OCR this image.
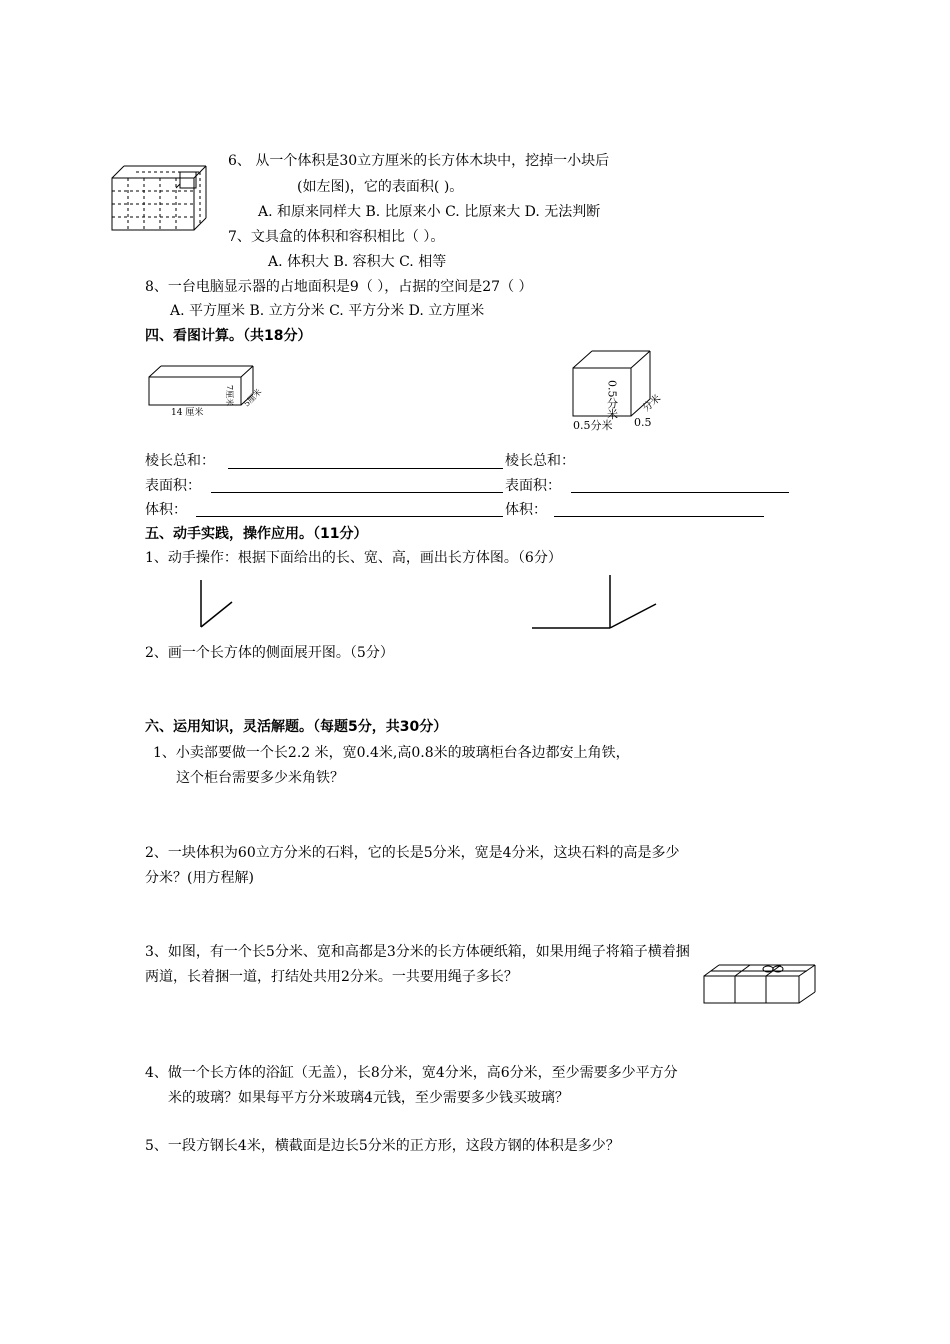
6、 从一个体积是30立方厘米的长方体木块中，挖掉一小块后
(如左图)，它的表面积( )。
A. 和原来同样大 B. 比原来小 C. 比原来大 D. 无法判断
7、文具盒的体积和容积相比（ ）。
A. 体积大 B. 容积大 C. 相等
8、一台电脑显示器的占地面积是9（ ），占据的空间是27（ ）
A. 平方厘米 B. 立方分米 C. 平方分米 D. 立方厘米
四、看图计算。（共18分）
7厘米 5厘米
14 厘米	0.5分米
0.5分米
分米
0.5
棱长总和：	棱长总和：
表面积：	表面积：
体积：	体积：
五、动手实践，操作应用。（11分）
1、动手操作：根据下面给出的长、宽、高，画出长方体图。（6分）
2、画一个长方体的侧面展开图。（5分）
六、运用知识，灵活解题。（每题5分，共30分）
1、小卖部要做一个长2.2 米，宽0.4米,高0.8米的玻璃柜台各边都安上角铁，
这个柜台需要多少米角铁？
2、一块体积为60立方分米的石料，它的长是5分米，宽是4分米，这块石料的高是多少
分米？(用方程解)
3、如图，有一个长5分米、宽和高都是3分米的长方体硬纸箱，如果用绳子将箱子横着捆
两道，长着捆一道，打结处共用2分米。一共要用绳子多长？
4、做一个长方体的浴缸（无盖），长8分米，宽4分米，高6分米，至少需要多少平方分
米的玻璃？如果每平方分米玻璃4元钱，至少需要多少钱买玻璃？
5、一段方钢长4米，横截面是边长5分米的正方形，这段方钢的体积是多少？
